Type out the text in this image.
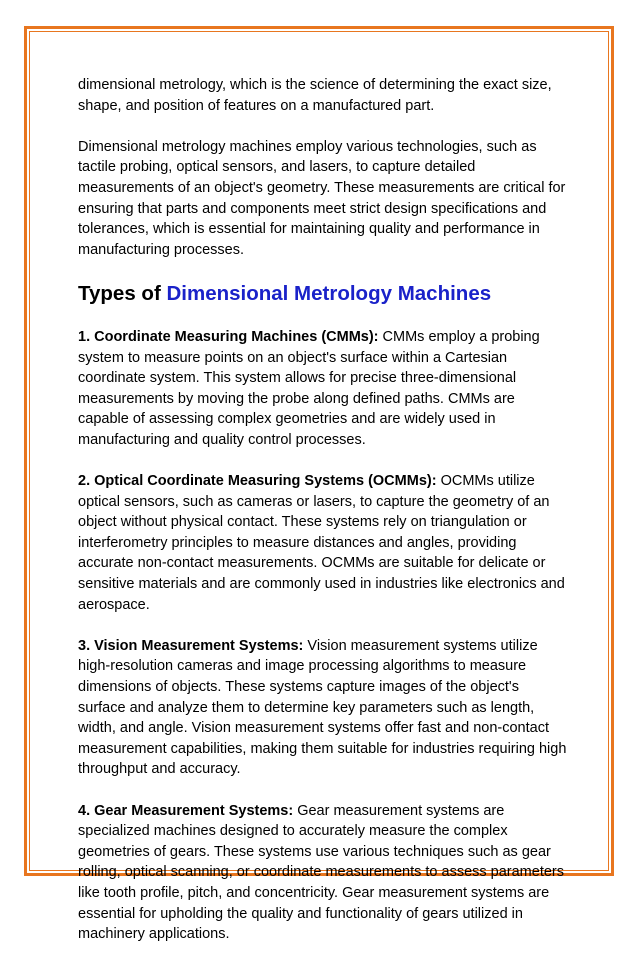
dimensional metrology, which is the science of determining the exact size, shape, and position of features on a manufactured part.

Dimensional metrology machines employ various technologies, such as tactile probing, optical sensors, and lasers, to capture detailed measurements of an object's geometry. These measurements are critical for ensuring that parts and components meet strict design specifications and tolerances, which is essential for maintaining quality and performance in manufacturing processes.

Types of Dimensional Metrology Machines

1. Coordinate Measuring Machines (CMMs): CMMs employ a probing system to measure points on an object's surface within a Cartesian coordinate system. This system allows for precise three-dimensional measurements by moving the probe along defined paths. CMMs are capable of assessing complex geometries and are widely used in manufacturing and quality control processes.

2. Optical Coordinate Measuring Systems (OCMMs): OCMMs utilize optical sensors, such as cameras or lasers, to capture the geometry of an object without physical contact. These systems rely on triangulation or interferometry principles to measure distances and angles, providing accurate non-contact measurements. OCMMs are suitable for delicate or sensitive materials and are commonly used in industries like electronics and aerospace.

3. Vision Measurement Systems: Vision measurement systems utilize high-resolution cameras and image processing algorithms to measure dimensions of objects. These systems capture images of the object's surface and analyze them to determine key parameters such as length, width, and angle. Vision measurement systems offer fast and non-contact measurement capabilities, making them suitable for industries requiring high throughput and accuracy.

4. Gear Measurement Systems: Gear measurement systems are specialized machines designed to accurately measure the complex geometries of gears. These systems use various techniques such as gear rolling, optical scanning, or coordinate measurements to assess parameters like tooth profile, pitch, and concentricity. Gear measurement systems are essential for upholding the quality and functionality of gears utilized in machinery applications.
